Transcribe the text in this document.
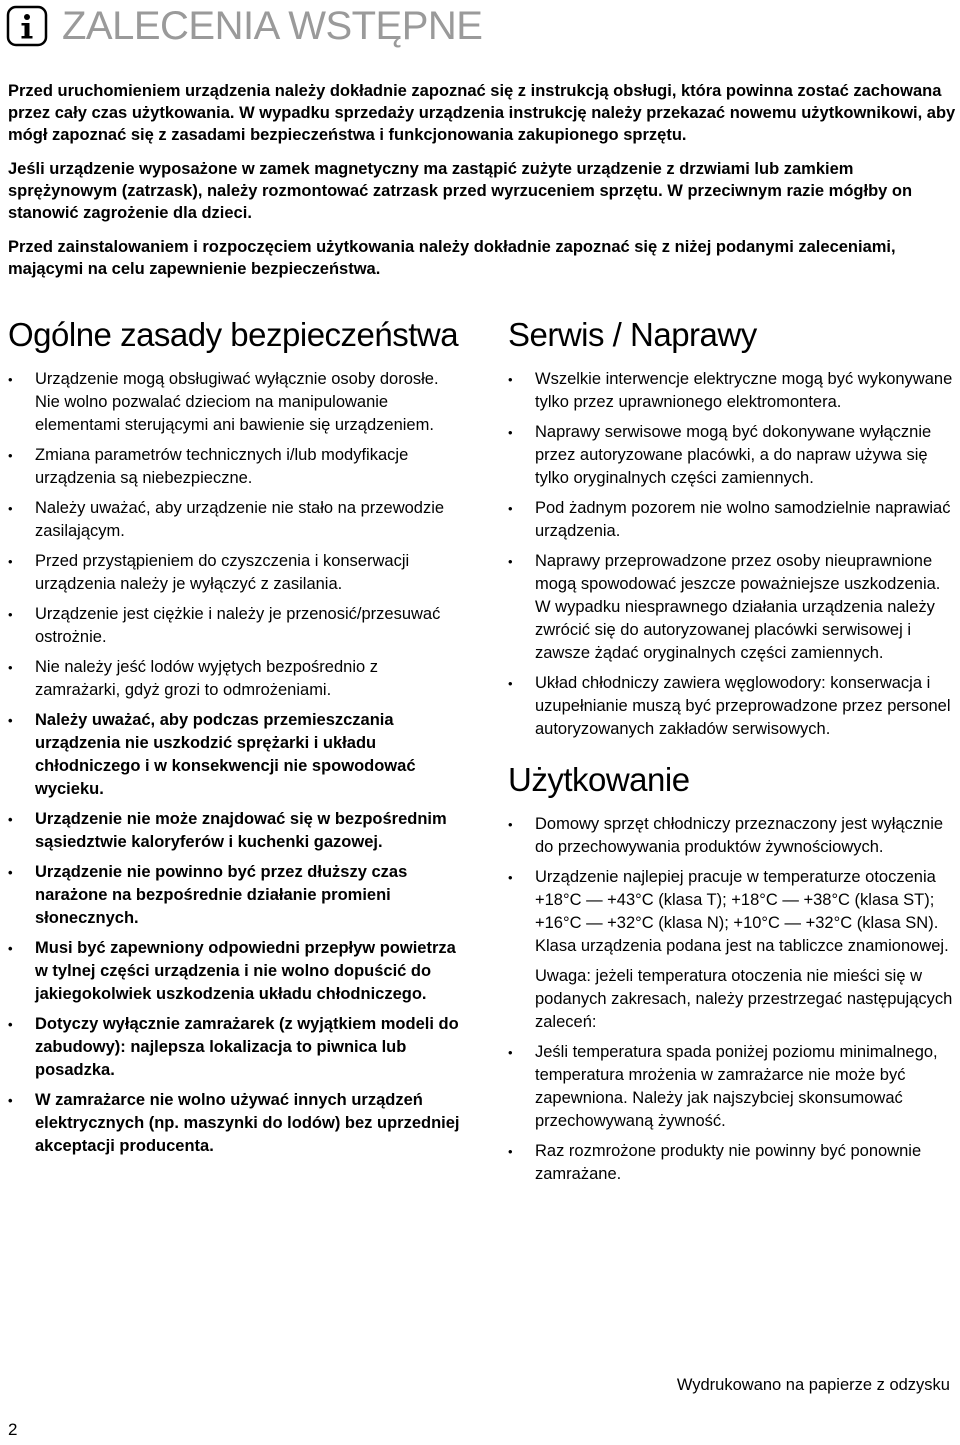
ZALECENIA WSTĘPNE

Przed uruchomieniem urządzenia należy dokładnie zapoznać się z instrukcją obsługi, która powinna zostać zachowana przez cały czas użytkowania. W wypadku sprzedaży urządzenia instrukcję należy przekazać nowemu użytkownikowi, aby mógł zapoznać się z zasadami bezpieczeństwa i funkcjonowania zakupionego sprzętu.

Jeśli urządzenie wyposażone w zamek magnetyczny ma zastąpić zużyte urządzenie z drzwiami lub zamkiem sprężynowym (zatrzask), należy rozmontować zatrzask przed wyrzuceniem sprzętu. W przeciwnym razie mógłby on stanowić zagrożenie dla dzieci.

Przed zainstalowaniem i rozpoczęciem użytkowania należy dokładnie zapoznać się z niżej podanymi zaleceniami, mającymi na celu zapewnienie bezpieczeństwa.

Ogólne zasady bezpieczeństwa
• Urządzenie mogą obsługiwać wyłącznie osoby dorosłe. Nie wolno pozwalać dzieciom na manipulowanie elementami sterującymi ani bawienie się urządzeniem.
• Zmiana parametrów technicznych i/lub modyfikacje urządzenia są niebezpieczne.
• Należy uważać, aby urządzenie nie stało na przewodzie zasilającym.
• Przed przystąpieniem do czyszczenia i konserwacji urządzenia należy je wyłączyć z zasilania.
• Urządzenie jest ciężkie i należy je przenosić/przesuwać ostrożnie.
• Nie należy jeść lodów wyjętych bezpośrednio z zamrażarki, gdyż grozi to odmrożeniami.
• Należy uważać, aby podczas przemieszczania urządzenia nie uszkodzić sprężarki i układu chłodniczego i w konsekwencji nie spowodować wycieku.
• Urządzenie nie może znajdować się w bezpośrednim sąsiedztwie kaloryferów i kuchenki gazowej.
• Urządzenie nie powinno być przez dłuższy czas narażone na bezpośrednie działanie promieni słonecznych.
• Musi być zapewniony odpowiedni przepływ powietrza w tylnej części urządzenia i nie wolno dopuścić do jakiegokolwiek uszkodzenia układu chłodniczego.
• Dotyczy wyłącznie zamrażarek (z wyjątkiem modeli do zabudowy): najlepsza lokalizacja to piwnica lub posadzka.
• W zamrażarce nie wolno używać innych urządzeń elektrycznych (np. maszynki do lodów) bez uprzedniej akceptacji producenta.
Serwis / Naprawy
• Wszelkie interwencje elektryczne mogą być wykonywane tylko przez uprawnionego elektromontera.
• Naprawy serwisowe mogą być dokonywane wyłącznie przez autoryzowane placówki, a do napraw używa się tylko oryginalnych części zamiennych.
• Pod żadnym pozorem nie wolno samodzielnie naprawiać urządzenia.
• Naprawy przeprowadzone przez osoby nieuprawnione mogą spowodować jeszcze poważniejsze uszkodzenia. W wypadku niesprawnego działania urządzenia należy zwrócić się do autoryzowanej placówki serwisowej i zawsze żądać oryginalnych części zamiennych.
• Układ chłodniczy zawiera węglowodory: konserwacja i uzupełnianie muszą być przeprowadzone przez personel autoryzowanych zakładów serwisowych.
Użytkowanie
• Domowy sprzęt chłodniczy przeznaczony jest wyłącznie do przechowywania produktów żywnościowych.
• Urządzenie najlepiej pracuje w temperaturze otoczenia +18°C — +43°C (klasa T); +18°C — +38°C (klasa ST); +16°C — +32°C (klasa N); +10°C — +32°C (klasa SN). Klasa urządzenia podana jest na tabliczce znamionowej.

Uwaga: jeżeli temperatura otoczenia nie mieści się w podanych zakresach, należy przestrzegać następujących zaleceń:

• Jeśli temperatura spada poniżej poziomu minimalnego, temperatura mrożenia w zamrażarce nie może być zapewniona. Należy jak najszybciej skonsumować przechowywaną żywność.
• Raz rozmrożone produkty nie powinny być ponownie zamrażane.
Wydrukowano na papierze z odzysku
2
